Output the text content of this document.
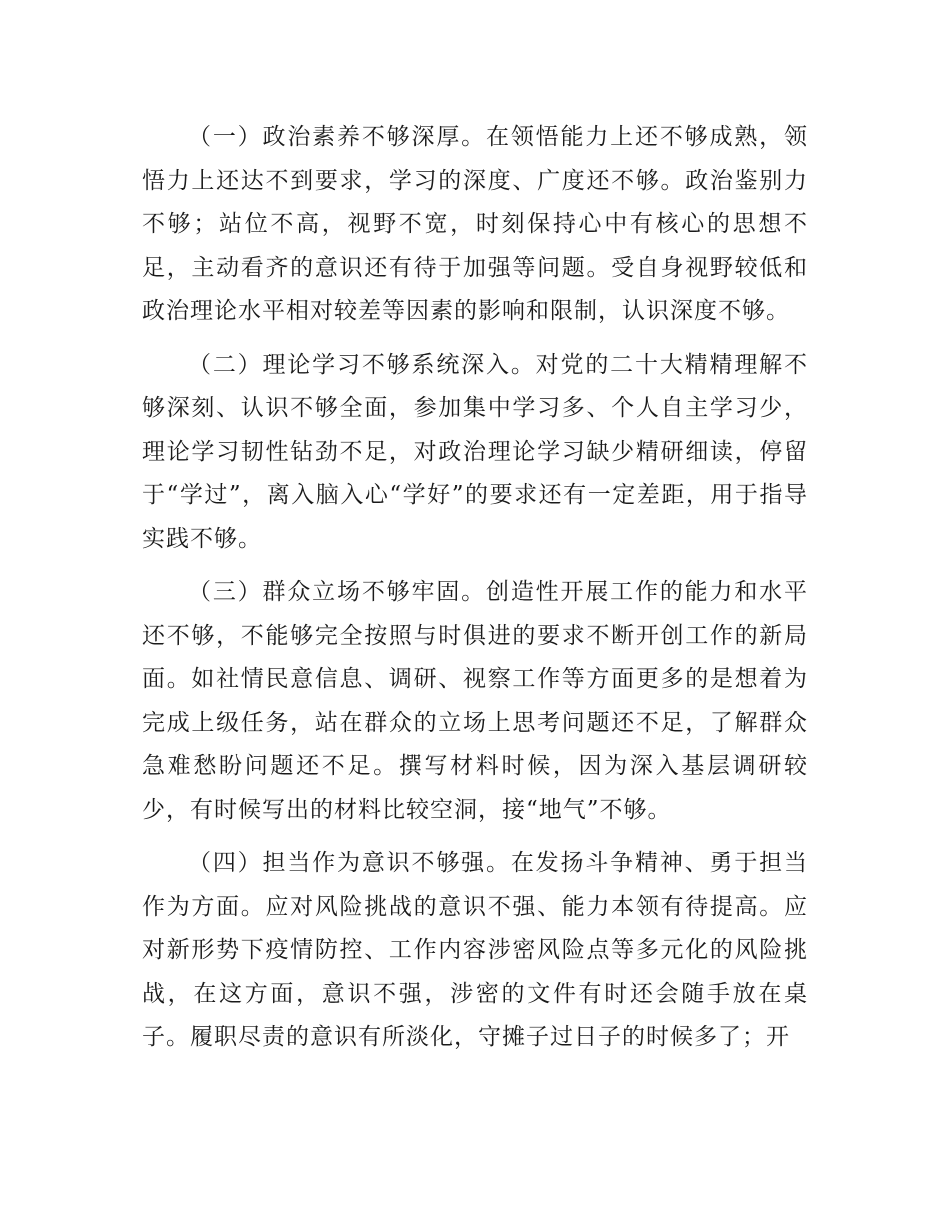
（一）政治素养不够深厚。在领悟能力上还不够成熟，领悟力上还达不到要求，学习的深度、广度还不够。政治鉴别力不够；站位不高，视野不宽，时刻保持心中有核心的思想不足，主动看齐的意识还有待于加强等问题。受自身视野较低和政治理论水平相对较差等因素的影响和限制，认识深度不够。

（二）理论学习不够系统深入。对党的二十大精精理解不够深刻、认识不够全面，参加集中学习多、个人自主学习少，理论学习韧性钻劲不足，对政治理论学习缺少精研细读，停留于“学过”，离入脑入心“学好”的要求还有一定差距，用于指导实践不够。

（三）群众立场不够牢固。创造性开展工作的能力和水平还不够，不能够完全按照与时俱进的要求不断开创工作的新局面。如社情民意信息、调研、视察工作等方面更多的是想着为完成上级任务，站在群众的立场上思考问题还不足，了解群众急难愁盼问题还不足。撰写材料时候，因为深入基层调研较少，有时候写出的材料比较空洞，接“地气”不够。

（四）担当作为意识不够强。在发扬斗争精神、勇于担当作为方面。应对风险挑战的意识不强、能力本领有待提高。应对新形势下疫情防控、工作内容涉密风险点等多元化的风险挑战，在这方面，意识不强，涉密的文件有时还会随手放在桌子。履职尽责的意识有所淡化，守摊子过日子的时候多了；开
